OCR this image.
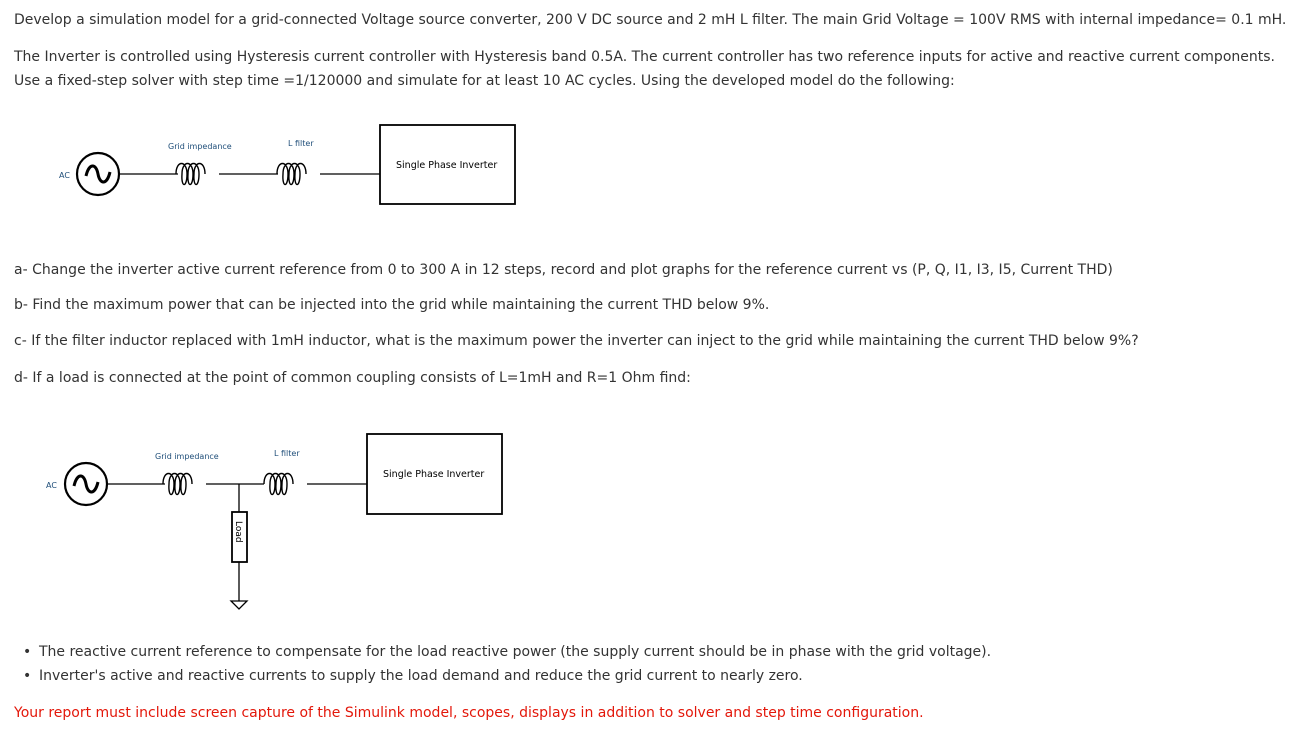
Develop a simulation model for a grid-connected Voltage source converter, 200 V DC source and 2 mH L filter. The main Grid Voltage = 100V RMS with internal impedance= 0.1 mH.

The Inverter is controlled using Hysteresis current controller with Hysteresis band 0.5A. The current controller has two reference inputs for active and reactive current components. Use a fixed-step solver with step time =1/120000 and simulate for at least 10 AC cycles. Using the developed model do the following:

AC
Grid impedance	L filter
Single Phase Inverter

a- Change the inverter active current reference from 0 to 300 A in 12 steps, record and plot graphs for the reference current vs (P, Q, I1, I3, I5, Current THD)

b- Find the maximum power that can be injected into the grid while maintaining the current THD below 9%.

c- If the filter inductor replaced with 1mH inductor, what is the maximum power the inverter can inject to the grid while maintaining the current THD below 9%?

d- If a load is connected at the point of common coupling consists of L=1mH and R=1 Ohm find:

AC
Grid impedance	L filter
Single Phase Inverter
Load
• The reactive current reference to compensate for the load reactive power (the supply current should be in phase with the grid voltage).
• Inverter's active and reactive currents to supply the load demand and reduce the grid current to nearly zero.

Your report must include screen capture of the Simulink model, scopes, displays in addition to solver and step time configuration.
